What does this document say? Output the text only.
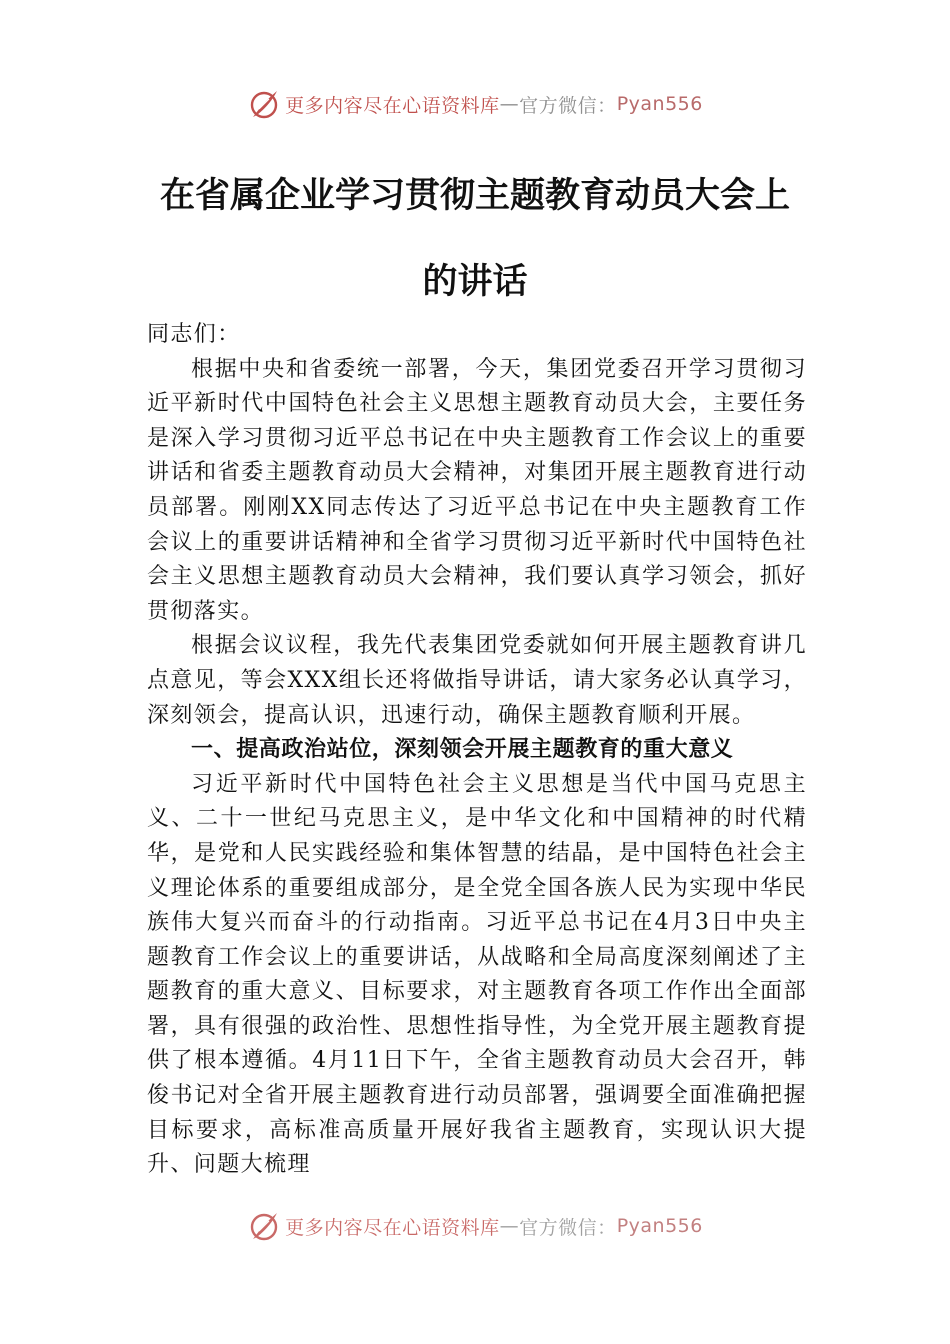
更多内容尽在心语资料库 — 官方微信： Pyan556
在省属企业学习贯彻主题教育动员大会上的讲话

同志们：

根据中央和省委统一部署，今天，集团党委召开学习贯彻习近平新时代中国特色社会主义思想主题教育动员大会，主要任务是深入学习贯彻习近平总书记在中央主题教育工作会议上的重要讲话和省委主题教育动员大会精神，对集团开展主题教育进行动员部署。刚刚XX同志传达了习近平总书记在中央主题教育工作会议上的重要讲话精神和全省学习贯彻习近平新时代中国特色社会主义思想主题教育动员大会精神，我们要认真学习领会，抓好贯彻落实。

根据会议议程，我先代表集团党委就如何开展主题教育讲几点意见，等会XXX组长还将做指导讲话，请大家务必认真学习，深刻领会，提高认识，迅速行动，确保主题教育顺利开展。

一、提高政治站位，深刻领会开展主题教育的重大意义

习近平新时代中国特色社会主义思想是当代中国马克思主义、二十一世纪马克思主义，是中华文化和中国精神的时代精华，是党和人民实践经验和集体智慧的结晶，是中国特色社会主义理论体系的重要组成部分，是全党全国各族人民为实现中华民族伟大复兴而奋斗的行动指南。习近平总书记在4月3日中央主题教育工作会议上的重要讲话，从战略和全局高度深刻阐述了主题教育的重大意义、目标要求，对主题教育各项工作作出全面部署，具有很强的政治性、思想性指导性，为全党开展主题教育提供了根本遵循。4月11日下午，全省主题教育动员大会召开，韩俊书记对全省开展主题教育进行动员部署，强调要全面准确把握目标要求，高标准高质量开展好我省主题教育，实现认识大提升、问题大梳理

更多内容尽在心语资料库 — 官方微信： Pyan556
